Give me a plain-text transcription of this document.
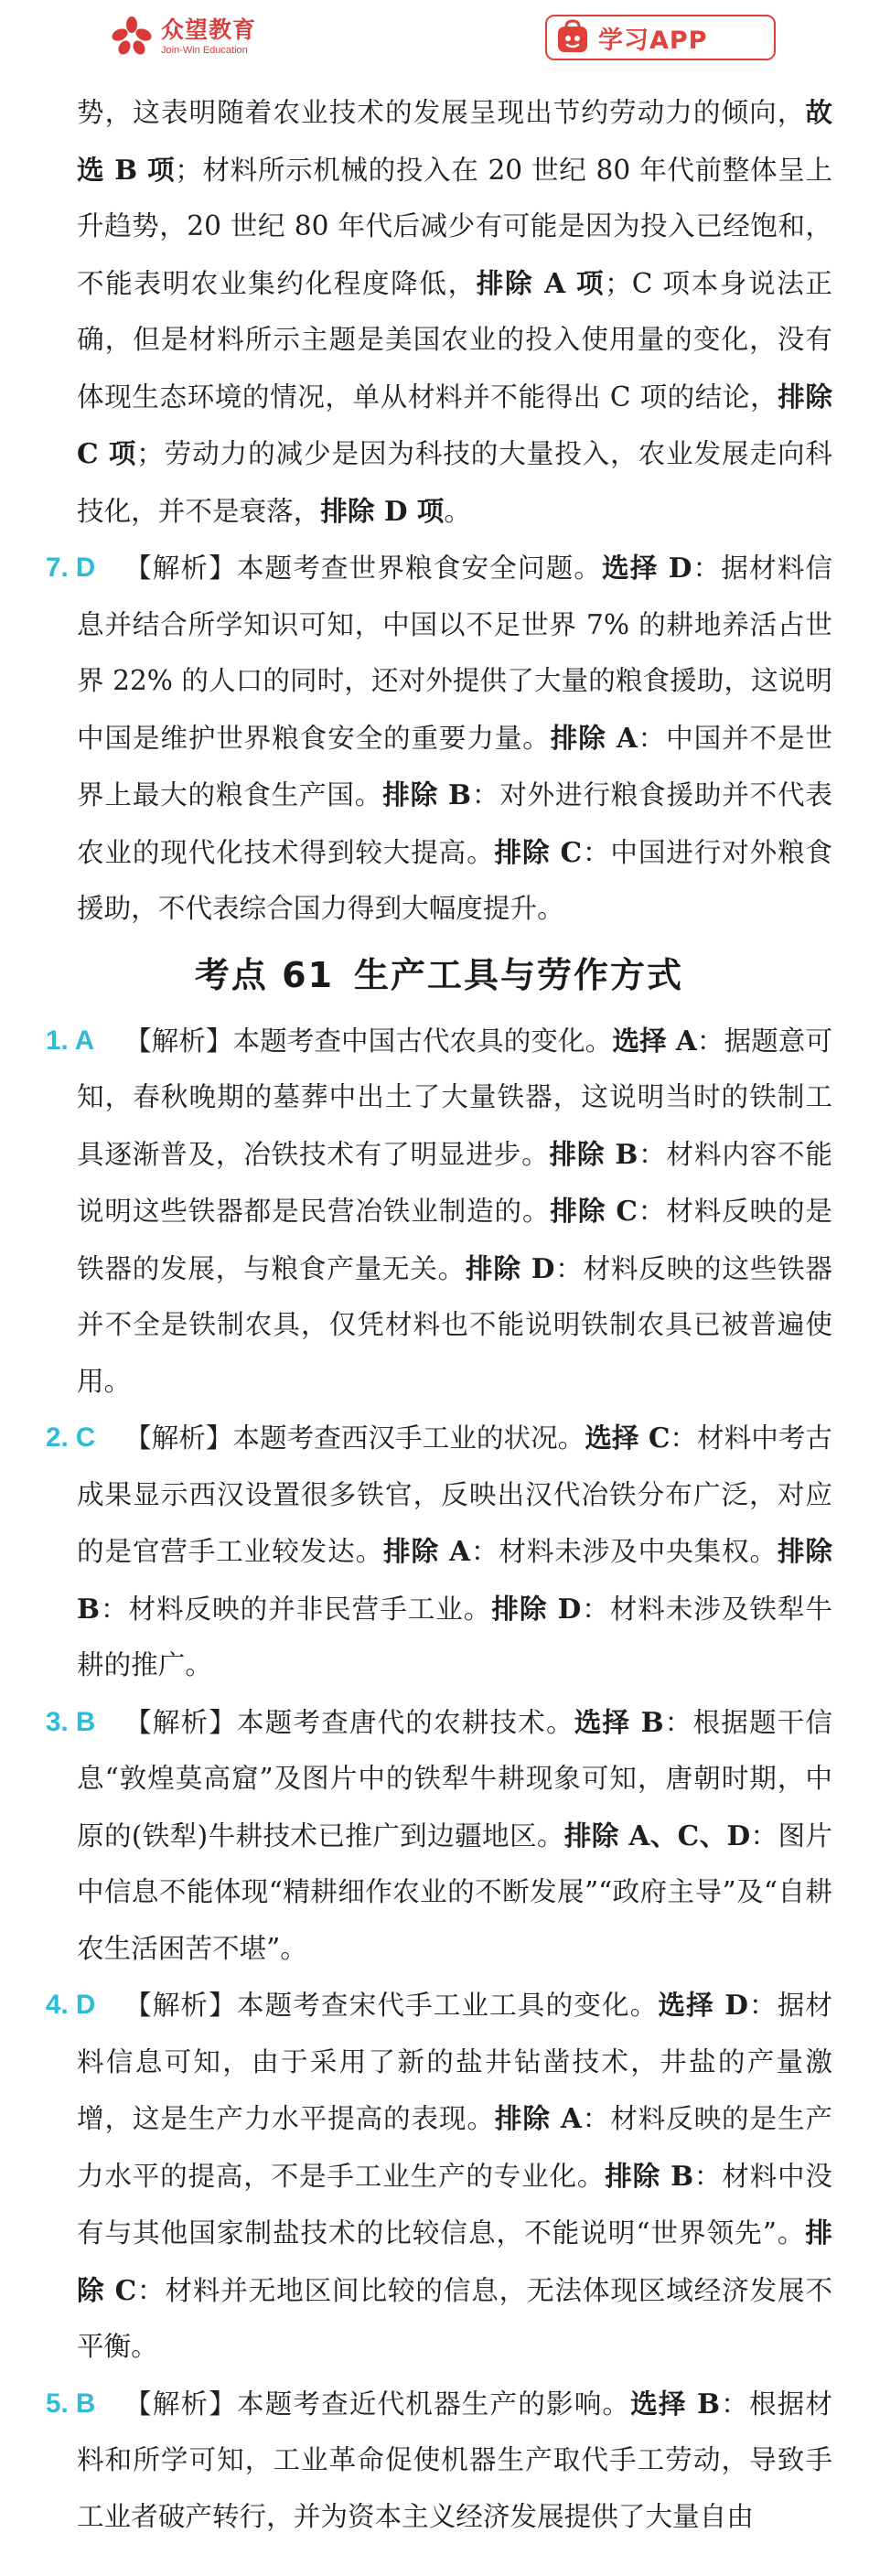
众望教育
Join-Win Education	学习APP

势，这表明随着农业技术的发展呈现出节约劳动力的倾向，故选 B 项；材料所示机械的投入在 20 世纪 80 年代前整体呈上升趋势，20 世纪 80 年代后减少有可能是因为投入已经饱和，不能表明农业集约化程度降低，排除 A 项；C 项本身说法正确，但是材料所示主题是美国农业的投入使用量的变化，没有体现生态环境的情况，单从材料并不能得出 C 项的结论，排除 C 项；劳动力的减少是因为科技的大量投入，农业发展走向科技化，并不是衰落，排除 D 项。

7. D	【解析】本题考查世界粮食安全问题。选择 D：据材料信息并结合所学知识可知，中国以不足世界 7% 的耕地养活占世界 22% 的人口的同时，还对外提供了大量的粮食援助，这说明中国是维护世界粮食安全的重要力量。排除 A：中国并不是世界上最大的粮食生产国。排除 B：对外进行粮食援助并不代表农业的现代化技术得到较大提高。排除 C：中国进行对外粮食援助，不代表综合国力得到大幅度提升。

考点 61 生产工具与劳作方式
1. A	【解析】本题考查中国古代农具的变化。选择 A：据题意可知，春秋晚期的墓葬中出土了大量铁器，这说明当时的铁制工具逐渐普及，冶铁技术有了明显进步。排除 B：材料内容不能说明这些铁器都是民营冶铁业制造的。排除 C：材料反映的是铁器的发展，与粮食产量无关。排除 D：材料反映的这些铁器并不全是铁制农具，仅凭材料也不能说明铁制农具已被普遍使用。

2. C	【解析】本题考查西汉手工业的状况。选择 C：材料中考古成果显示西汉设置很多铁官，反映出汉代冶铁分布广泛，对应的是官营手工业较发达。排除 A：材料未涉及中央集权。排除 B：材料反映的并非民营手工业。排除 D：材料未涉及铁犁牛耕的推广。

3. B	【解析】本题考查唐代的农耕技术。选择 B：根据题干信息“敦煌莫高窟”及图片中的铁犁牛耕现象可知，唐朝时期，中原的(铁犁)牛耕技术已推广到边疆地区。排除 A、C、D：图片中信息不能体现“精耕细作农业的不断发展”“政府主导”及“自耕农生活困苦不堪”。

4. D	【解析】本题考查宋代手工业工具的变化。选择 D：据材料信息可知，由于采用了新的盐井钻凿技术，井盐的产量激增，这是生产力水平提高的表现。排除 A：材料反映的是生产力水平的提高，不是手工业生产的专业化。排除 B：材料中没有与其他国家制盐技术的比较信息，不能说明“世界领先”。排除 C：材料并无地区间比较的信息，无法体现区域经济发展不平衡。

5. B	【解析】本题考查近代机器生产的影响。选择 B：根据材料和所学可知，工业革命促使机器生产取代手工劳动，导致手工业者破产转行，并为资本主义经济发展提供了大量自由
